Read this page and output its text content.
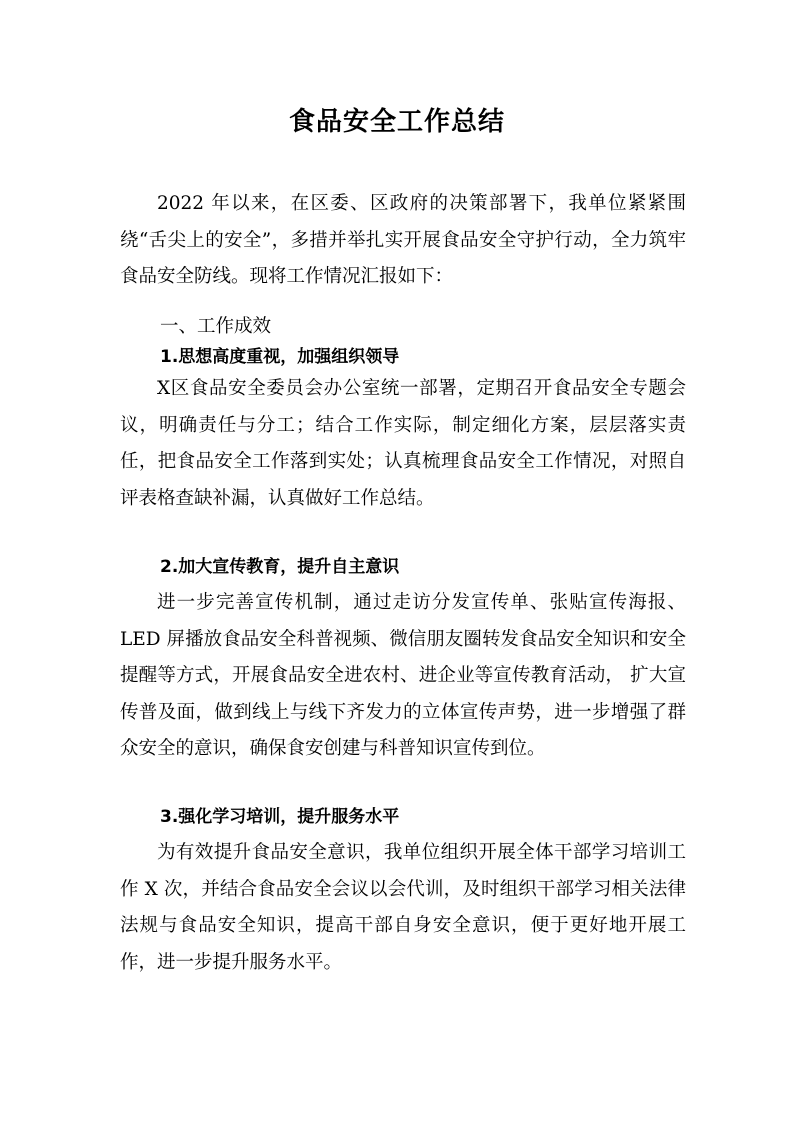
食品安全工作总结

2022 年以来，在区委、区政府的决策部署下，我单位紧紧围绕“舌尖上的安全”，多措并举扎实开展食品安全守护行动，全力筑牢食品安全防线。现将工作情况汇报如下：

一、工作成效

1.思想高度重视，加强组织领导

X区食品安全委员会办公室统一部署，定期召开食品安全专题会议，明确责任与分工；结合工作实际，制定细化方案，层层落实责任，把食品安全工作落到实处；认真梳理食品安全工作情况，对照自评表格查缺补漏，认真做好工作总结。

2.加大宣传教育，提升自主意识

进一步完善宣传机制，通过走访分发宣传单、张贴宣传海报、LED 屏播放食品安全科普视频、微信朋友圈转发食品安全知识和安全提醒等方式，开展食品安全进农村、进企业等宣传教育活动， 扩大宣传普及面，做到线上与线下齐发力的立体宣传声势，进一步增强了群众安全的意识，确保食安创建与科普知识宣传到位。

3.强化学习培训，提升服务水平

为有效提升食品安全意识，我单位组织开展全体干部学习培训工作 X 次，并结合食品安全会议以会代训，及时组织干部学习相关法律法规与食品安全知识，提高干部自身安全意识，便于更好地开展工作，进一步提升服务水平。
